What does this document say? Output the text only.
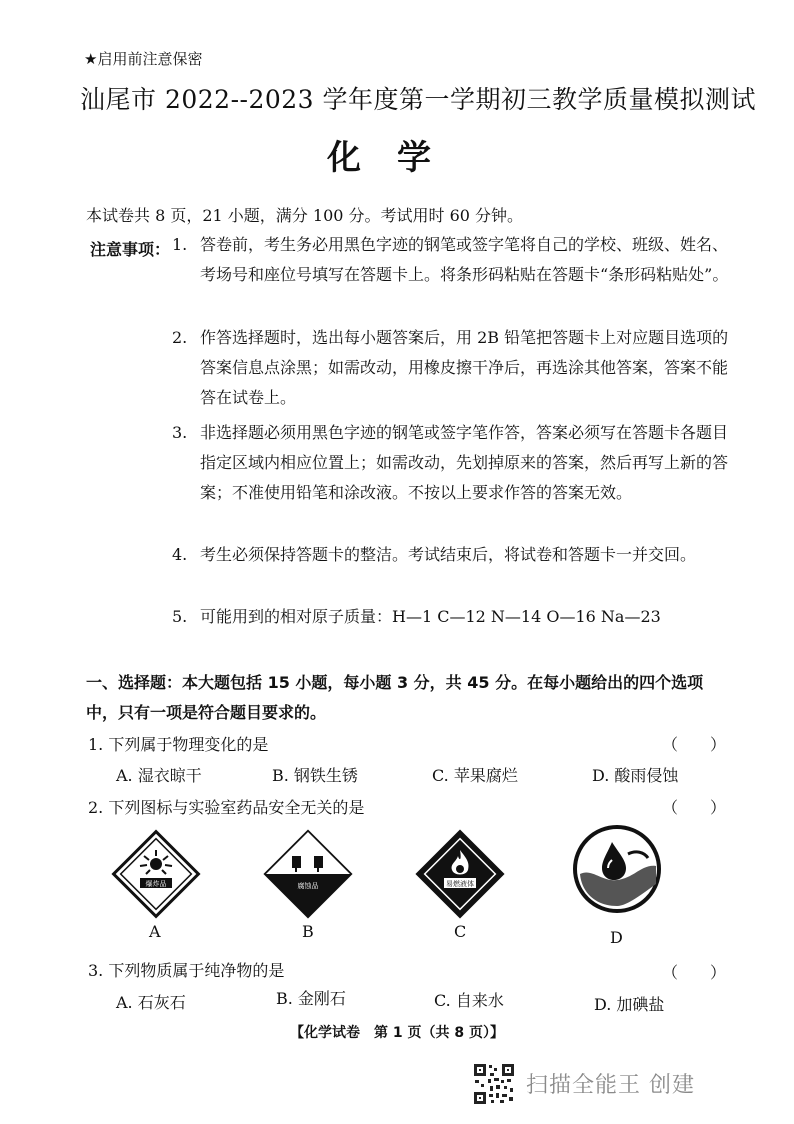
★启用前注意保密
汕尾市 2022--2023 学年度第一学期初三教学质量模拟测试
化学
本试卷共 8 页，21 小题，满分 100 分。考试用时 60 分钟。
注意事项： 1. 答卷前，考生务必用黑色字迹的钢笔或签字笔将自己的学校、班级、姓名、考场号和座位号填写在答题卡上。将条形码粘贴在答题卡“条形码粘贴处”。
2. 作答选择题时，选出每小题答案后，用 2B 铅笔把答题卡上对应题目选项的答案信息点涂黑；如需改动，用橡皮擦干净后，再选涂其他答案，答案不能答在试卷上。
3. 非选择题必须用黑色字迹的钢笔或签字笔作答，答案必须写在答题卡各题目指定区域内相应位置上；如需改动，先划掉原来的答案，然后再写上新的答案；不准使用铅笔和涂改液。不按以上要求作答的答案无效。
4. 考生必须保持答题卡的整洁。考试结束后，将试卷和答题卡一并交回。
5. 可能用到的相对原子质量：H—1 C—12 N—14 O—16 Na—23
一、选择题：本大题包括 15 小题，每小题 3 分，共 45 分。在每小题给出的四个选项中，只有一项是符合题目要求的。
1. 下列属于物理变化的是	（　　）
A. 湿衣晾干	B. 钢铁生锈	C. 苹果腐烂	D. 酸雨侵蚀
2. 下列图标与实验室药品安全无关的是	（　　）
爆炸品
A
腐蚀品
B
易燃液体
C	D
3. 下列物质属于纯净物的是	（　　）
A. 石灰石	B. 金刚石	C. 自来水	D. 加碘盐
【化学试卷　第 1 页（共 8 页）】
扫描全能王 创建
